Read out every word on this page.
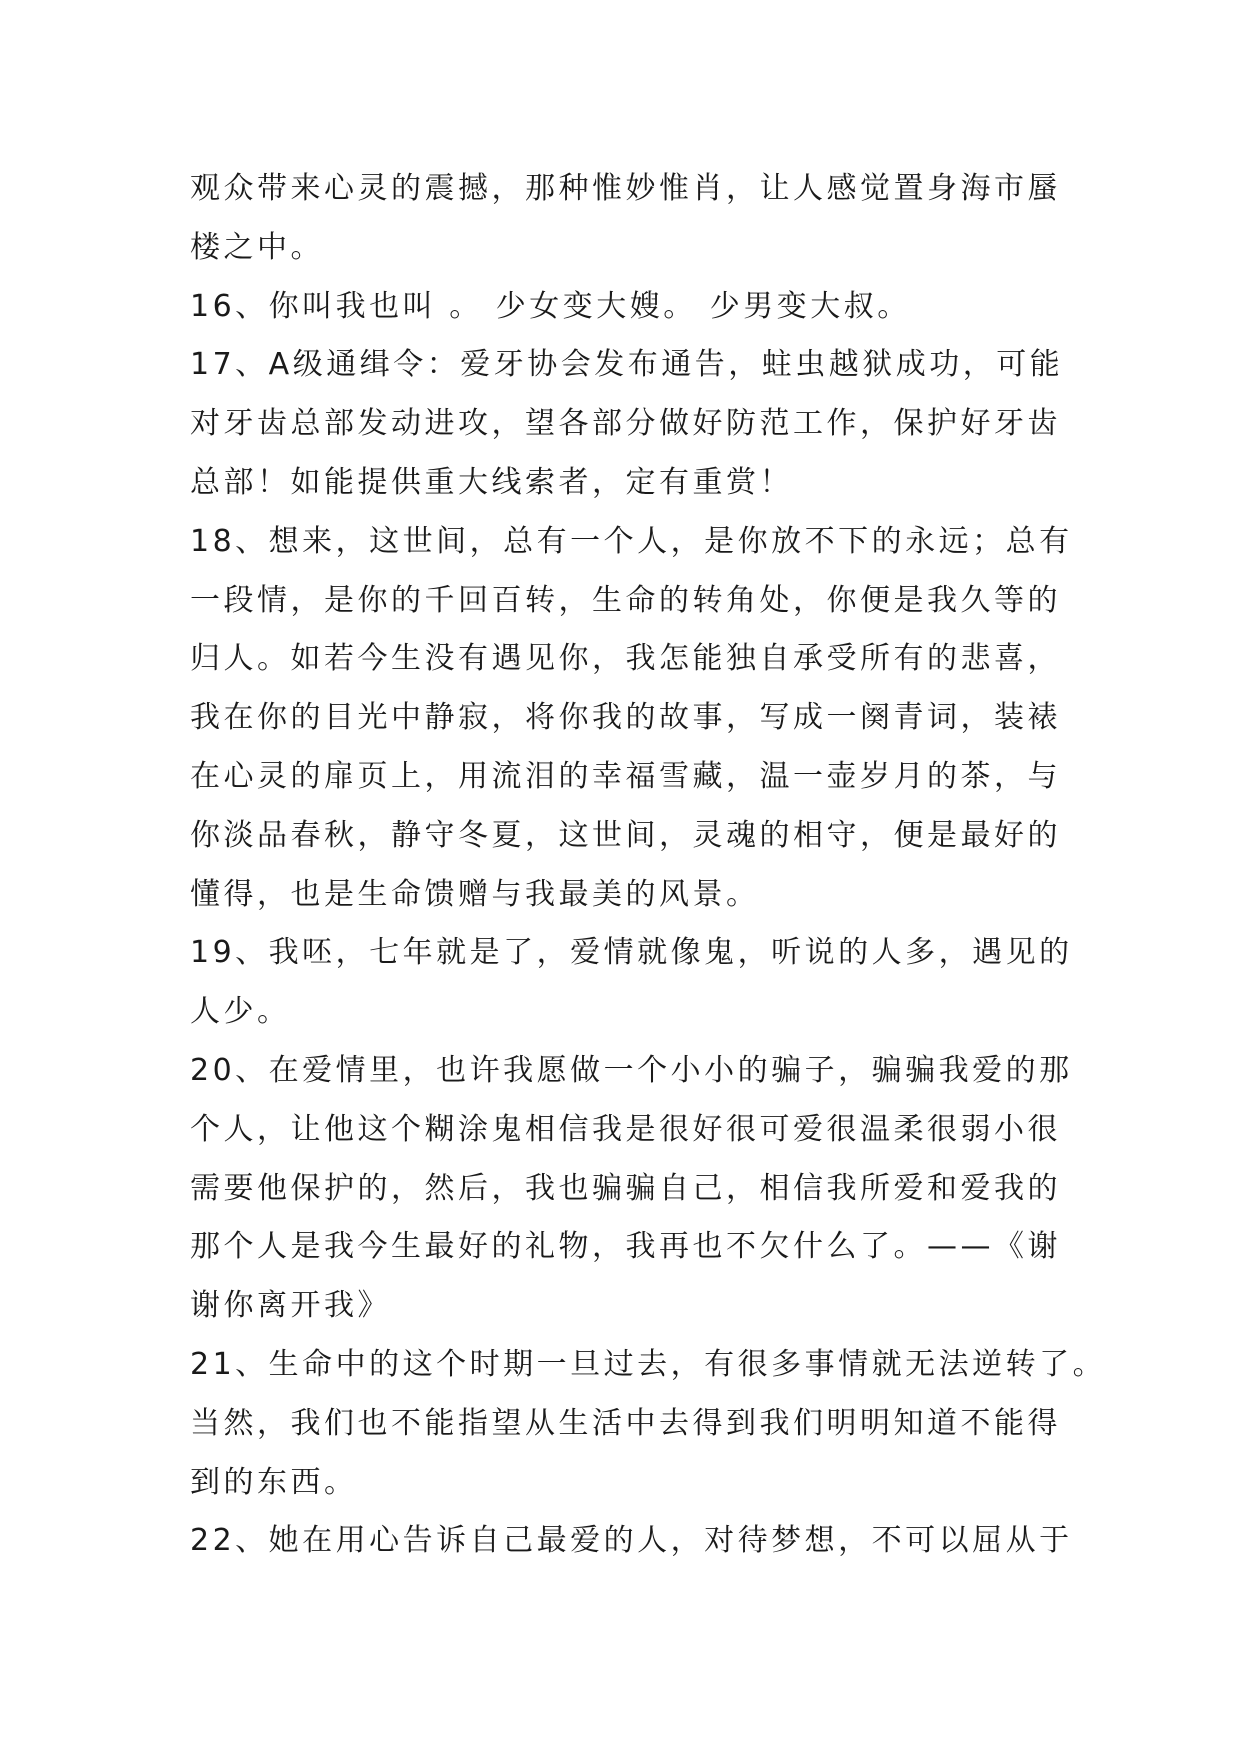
观众带来心灵的震撼，那种惟妙惟肖，让人感觉置身海市蜃
楼之中。
16、你叫我也叫 。 少女变大嫂。 少男变大叔。
17、A级通缉令：爱牙协会发布通告，蛀虫越狱成功，可能
对牙齿总部发动进攻，望各部分做好防范工作，保护好牙齿
总部！如能提供重大线索者，定有重赏！
18、想来，这世间，总有一个人，是你放不下的永远；总有
一段情，是你的千回百转，生命的转角处，你便是我久等的
归人。如若今生没有遇见你，我怎能独自承受所有的悲喜，
我在你的目光中静寂，将你我的故事，写成一阕青词，装裱
在心灵的扉页上，用流泪的幸福雪藏，温一壶岁月的茶，与
你淡品春秋，静守冬夏，这世间，灵魂的相守，便是最好的
懂得，也是生命馈赠与我最美的风景。
19、我呸，七年就是了，爱情就像鬼，听说的人多，遇见的
人少。
20、在爱情里，也许我愿做一个小小的骗子，骗骗我爱的那
个人，让他这个糊涂鬼相信我是很好很可爱很温柔很弱小很
需要他保护的，然后，我也骗骗自己，相信我所爱和爱我的
那个人是我今生最好的礼物，我再也不欠什么了。——《谢
谢你离开我》
21、生命中的这个时期一旦过去，有很多事情就无法逆转了。
当然，我们也不能指望从生活中去得到我们明明知道不能得
到的东西。
22、她在用心告诉自己最爱的人，对待梦想，不可以屈从于
